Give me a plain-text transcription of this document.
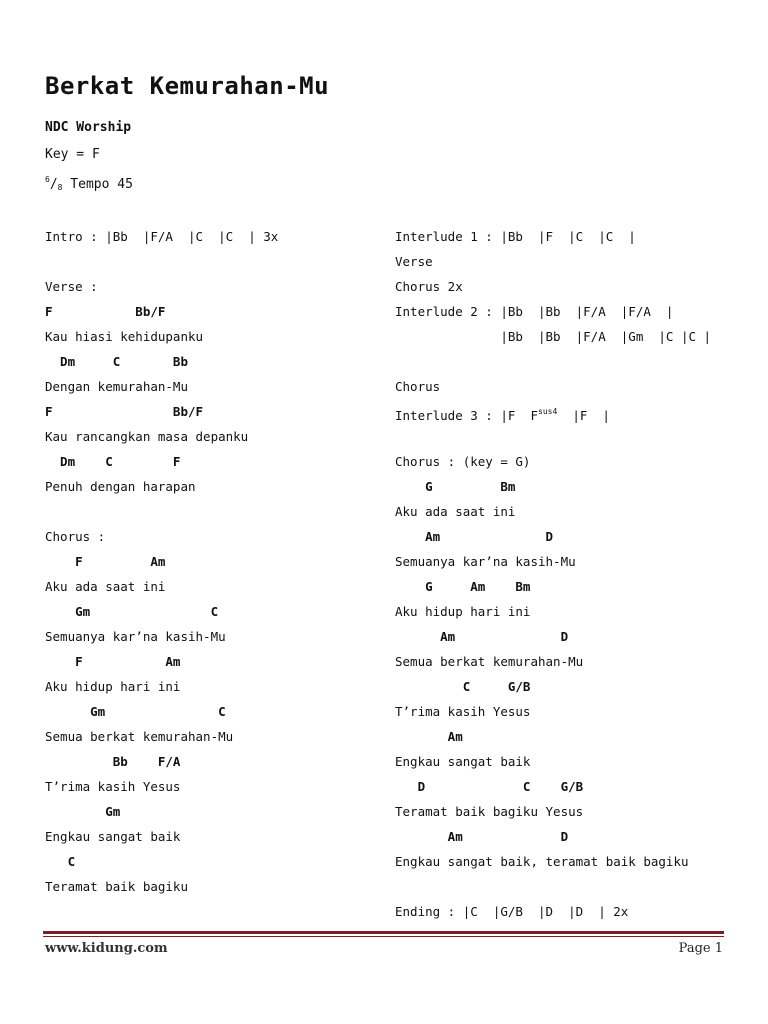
Berkat Kemurahan-Mu
NDC Worship
Key = F
$^6/_8$ Tempo 45
Intro : |Bb  |F/A  |C  |C  | 3x
Verse :
F           Bb/F
Kau hiasi kehidupanku
Dm     C       Bb
Dengan kemurahan-Mu
F                Bb/F
Kau rancangkan masa depanku
Dm    C        F
Penuh dengan harapan
Chorus :
F         Am
Aku ada saat ini
Gm                C
Semuanya kar’na kasih-Mu
F           Am
Aku hidup hari ini
Gm               C
Semua berkat kemurahan-Mu
Bb    F/A
T’rima kasih Yesus
Gm
Engkau sangat baik
C
Teramat baik bagiku
Interlude 1 : |Bb  |F  |C  |C  |
Verse
Chorus 2x
Interlude 2 : |Bb  |Bb  |F/A  |F/A  |
|Bb  |Bb  |F/A  |Gm  |C |C |
Chorus
Interlude 3 : |F  $F^{sus4}$  |F  |
Chorus : (key = G)
G         Bm
Aku ada saat ini
Am              D
Semuanya kar’na kasih-Mu
G     Am    Bm
Aku hidup hari ini
Am              D
Semua berkat kemurahan-Mu
C     G/B
T’rima kasih Yesus
Am
Engkau sangat baik
D             C    G/B
Teramat baik bagiku Yesus
Am             D
Engkau sangat baik, teramat baik bagiku
Ending : |C  |G/B  |D  |D  | 2x
www.kidung.com	Page 1
